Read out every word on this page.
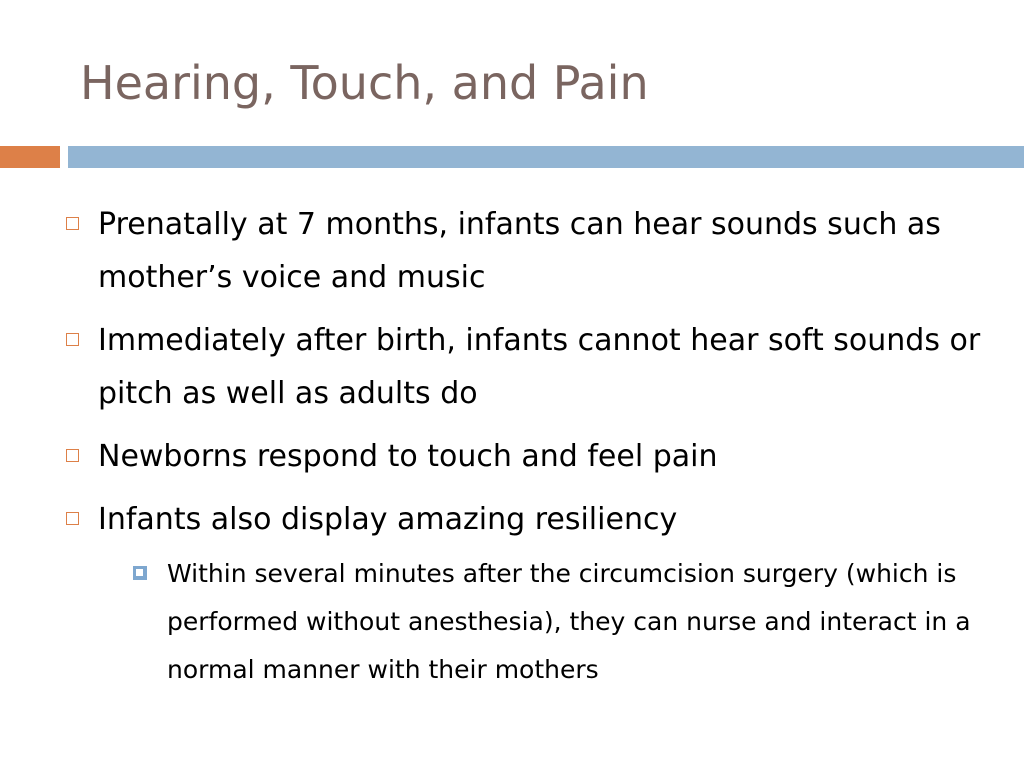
Hearing, Touch, and Pain
Prenatally at 7 months, infants can hear sounds such as mother’s voice and music
Immediately after birth, infants cannot hear soft sounds or pitch as well as adults do
Newborns respond to touch and feel pain
Infants also display amazing resiliency
Within several minutes after the circumcision surgery (which is performed without anesthesia), they can nurse and interact in a normal manner with their mothers
